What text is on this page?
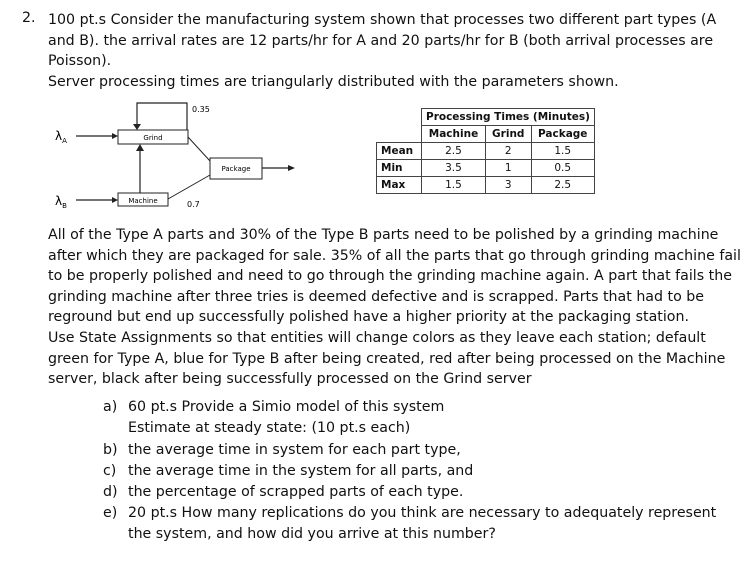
2. 100 pt.s Consider the manufacturing system shown that processes two different part types (A
and B). the arrival rates are 12 parts/hr for A and 20 parts/hr for B (both arrival processes are
Poisson).
Server processing times are triangularly distributed with the parameters shown.
0.35
$\lambda_A$	Grind
Package
$\lambda_B$
Machine	0.7
	Processing Times (Minutes)		
	Machine	Grind	Package
Mean	2.5	2	1.5
Min	3.5	1	0.5
Max	1.5	3	2.5
All of the Type A parts and 30% of the Type B parts need to be polished by a grinding machine
after which they are packaged for sale. 35% of all the parts that go through grinding machine fail
to be properly polished and need to go through the grinding machine again. A part that fails the
grinding machine after three tries is deemed defective and is scrapped. Parts that had to be
reground but end up successfully polished have a higher priority at the packaging station.
Use State Assignments so that entities will change colors as they leave each station; default
green for Type A, blue for Type B after being created, red after being processed on the Machine
server, black after being successfully processed on the Grind server
a) 60 pt.s Provide a Simio model of this system
Estimate at steady state: (10 pt.s each)
b) the average time in system for each part type,
c) the average time in the system for all parts, and
d) the percentage of scrapped parts of each type.
e) 20 pt.s How many replications do you think are necessary to adequately represent
the system, and how did you arrive at this number?
